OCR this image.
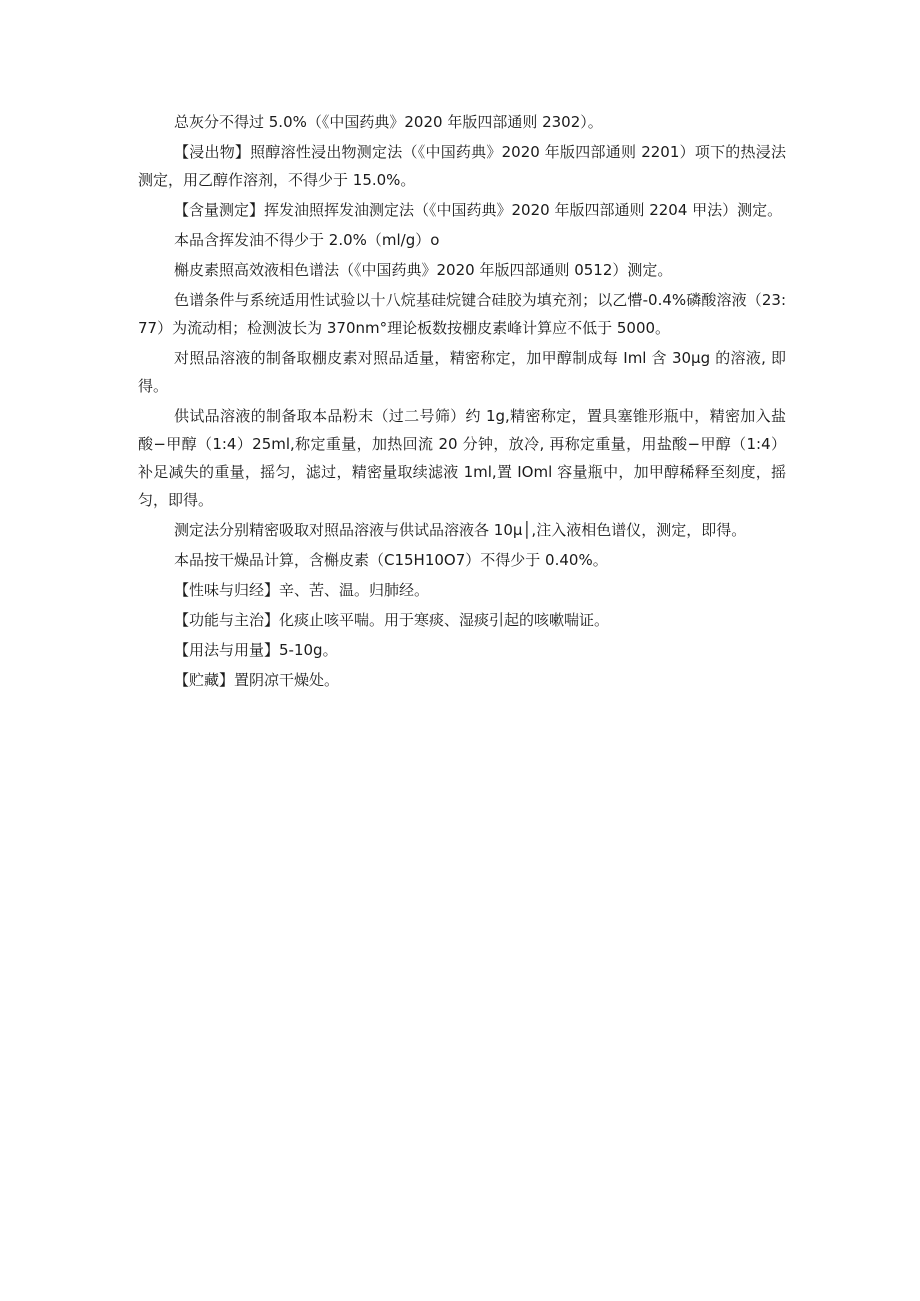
总灰分不得过 5.0%（《中国药典》2020 年版四部通则 2302）。

【浸出物】照醇溶性浸出物测定法（《中国药典》2020 年版四部通则 2201）项下的热浸法测定，用乙醇作溶剂，不得少于 15.0%。

【含量测定】挥发油照挥发油测定法（《中国药典》2020 年版四部通则 2204 甲法）测定。

本品含挥发油不得少于 2.0%（ml/g）o

槲皮素照高效液相色谱法（《中国药典》2020 年版四部通则 0512）测定。

色谱条件与系统适用性试验以十八烷基硅烷键合硅胶为填充剂；以乙懵-0.4%磷酸溶液（23:77）为流动相；检测波长为 370nm°理论板数按棚皮素峰计算应不低于 5000。

对照品溶液的制备取棚皮素对照品适量，精密称定，加甲醇制成每 Iml 含 30μg 的溶液, 即得。

供试品溶液的制备取本品粉末（过二号筛）约 1g,精密称定，置具塞锥形瓶中，精密加入盐酸−甲醇（1:4）25ml,称定重量，加热回流 20 分钟，放冷, 再称定重量，用盐酸−甲醇（1:4）补足减失的重量，摇匀，滤过，精密量取续滤液 1ml,置 IOml 容量瓶中，加甲醇稀释至刻度，摇匀，即得。

测定法分别精密吸取对照品溶液与供试品溶液各 10μ│,注入液相色谱仪，测定，即得。

本品按干燥品计算，含槲皮素（C15H10O7）不得少于 0.40%。

【性味与归经】辛、苦、温。归肺经。

【功能与主治】化痰止咳平喘。用于寒痰、湿痰引起的咳嗽喘证。

【用法与用量】5-10g。

【贮藏】置阴凉干燥处。
